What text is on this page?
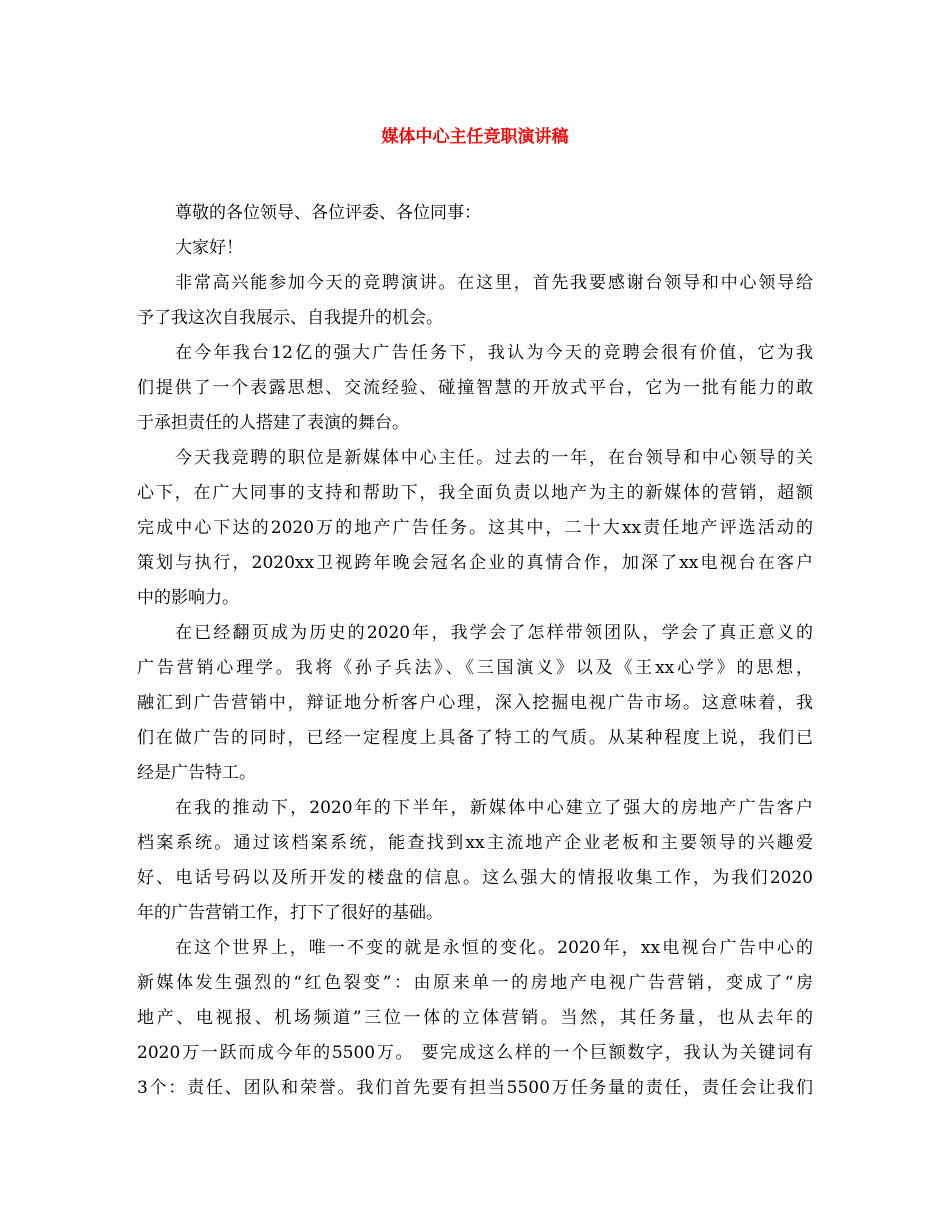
媒体中心主任竞职演讲稿
尊敬的各位领导、各位评委、各位同事：
大家好！
非常高兴能参加今天的竞聘演讲。在这里，首先我要感谢台领导和中心领导给
予了我这次自我展示、自我提升的机会。
在今年我台12亿的强大广告任务下，我认为今天的竞聘会很有价值，它为我
们提供了一个表露思想、交流经验、碰撞智慧的开放式平台，它为一批有能力的敢
于承担责任的人搭建了表演的舞台。
今天我竞聘的职位是新媒体中心主任。过去的一年，在台领导和中心领导的关
心下，在广大同事的支持和帮助下，我全面负责以地产为主的新媒体的营销，超额
完成中心下达的2020万的地产广告任务。这其中，二十大xx责任地产评选活动的
策划与执行，2020xx卫视跨年晚会冠名企业的真情合作，加深了xx电视台在客户
中的影响力。
在已经翻页成为历史的2020年，我学会了怎样带领团队，学会了真正意义的
广告营销心理学。我将《孙子兵法》、《三国演义》以及《王xx心学》的思想，
融汇到广告营销中，辩证地分析客户心理，深入挖掘电视广告市场。这意味着，我
们在做广告的同时，已经一定程度上具备了特工的气质。从某种程度上说，我们已
经是广告特工。
在我的推动下，2020年的下半年，新媒体中心建立了强大的房地产广告客户
档案系统。通过该档案系统，能查找到xx主流地产企业老板和主要领导的兴趣爱
好、电话号码以及所开发的楼盘的信息。这么强大的情报收集工作，为我们2020
年的广告营销工作，打下了很好的基础。
在这个世界上，唯一不变的就是永恒的变化。2020年，xx电视台广告中心的
新媒体发生强烈的“红色裂变”：由原来单一的房地产电视广告营销，变成了“房
地产、电视报、机场频道”三位一体的立体营销。当然，其任务量，也从去年的
2020万一跃而成今年的5500万。 要完成这么样的一个巨额数字，我认为关键词有
3个：责任、团队和荣誉。我们首先要有担当5500万任务量的责任，责任会让我们
